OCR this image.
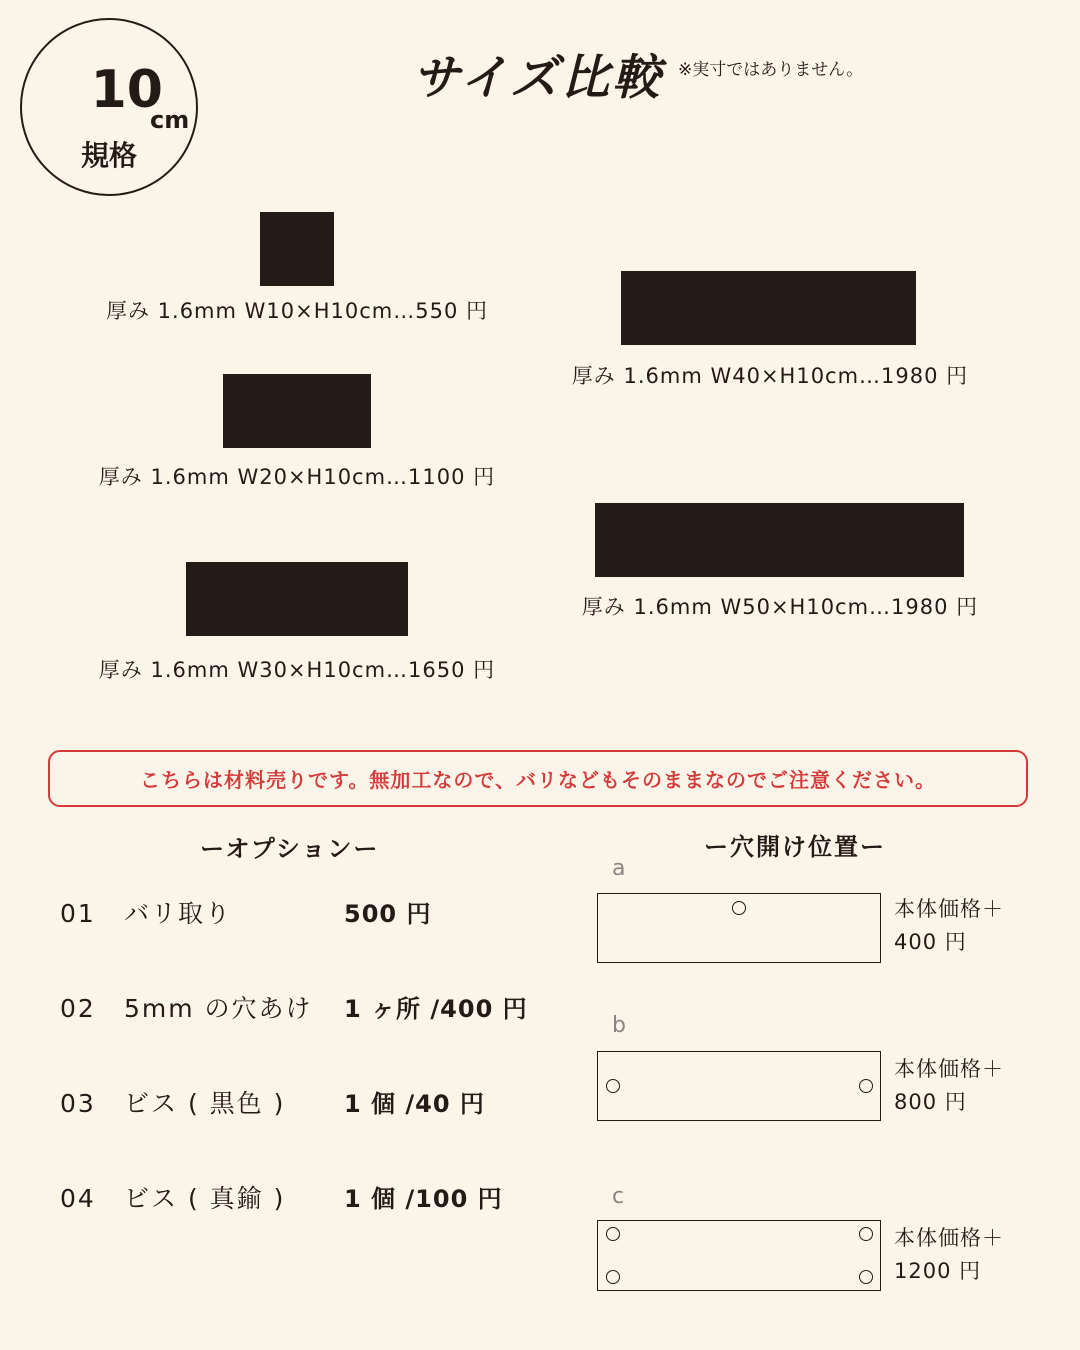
10
cm
規格
サイズ比較 ※実寸ではありません。
厚み 1.6mm W10×H10cm…550 円
厚み 1.6mm W20×H10cm…1100 円
厚み 1.6mm W30×H10cm…1650 円
厚み 1.6mm W40×H10cm…1980 円
厚み 1.6mm W50×H10cm…1980 円
こちらは材料売りです。無加工なので、バリなどもそのままなのでご注意ください。
ーオプションー
01 バリ取り	500 円
02 5mm の穴あけ 1 ヶ所 /400 円
03 ビス ( 黒色 ) 1 個 /40 円
04 ビス ( 真鍮 ) 1 個 /100 円
ー穴開け位置ー
a
本体価格＋
400 円
b
本体価格＋
800 円
c
本体価格＋
1200 円
